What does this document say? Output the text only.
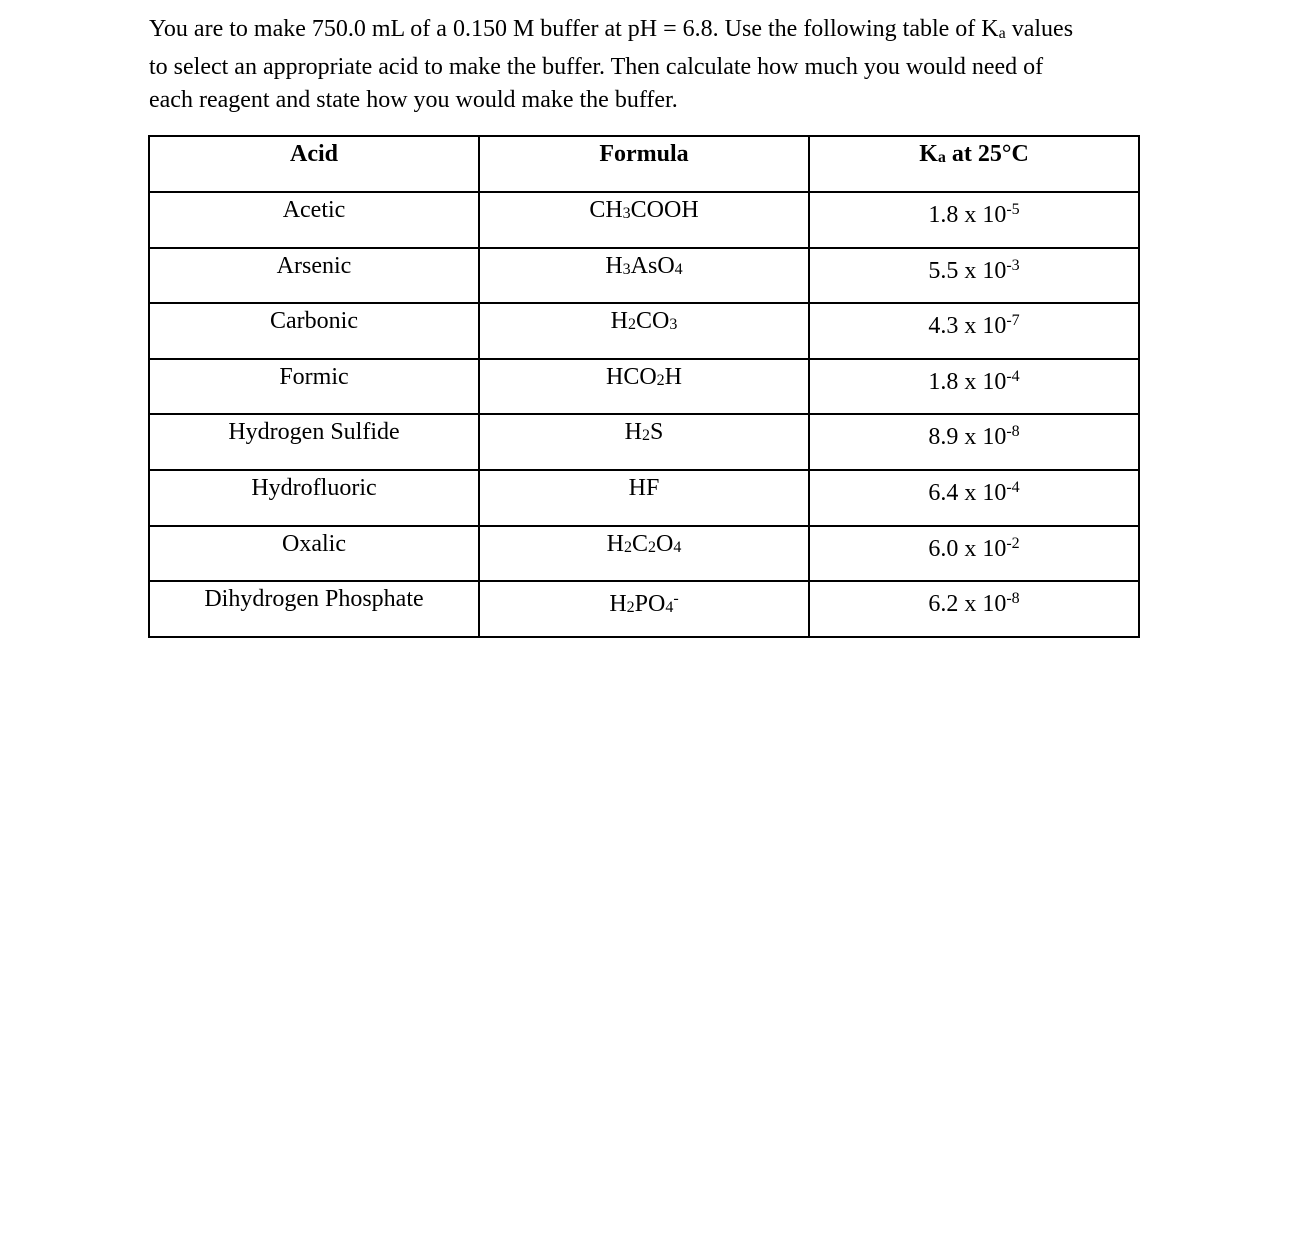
You are to make 750.0 mL of a 0.150 M buffer at pH = 6.8. Use the following table of Ka values
to select an appropriate acid to make the buffer. Then calculate how much you would need of
each reagent and state how you would make the buffer.

Acid	Formula	Ka at 25°C
Acetic	CH3COOH	1.8 x $10^{-5}$
Arsenic	H3AsO4	5.5 x $10^{-3}$
Carbonic	H2CO3	4.3 x $10^{-7}$
Formic	HCO2H	1.8 x $10^{-4}$
Hydrogen Sulfide	H2S	8.9 x $10^{-8}$
Hydrofluoric	HF	6.4 x $10^{-4}$
Oxalic	H2C2O4	6.0 x $10^{-2}$
Dihydrogen Phosphate	H2PO4-	6.2 x $10^{-8}$
